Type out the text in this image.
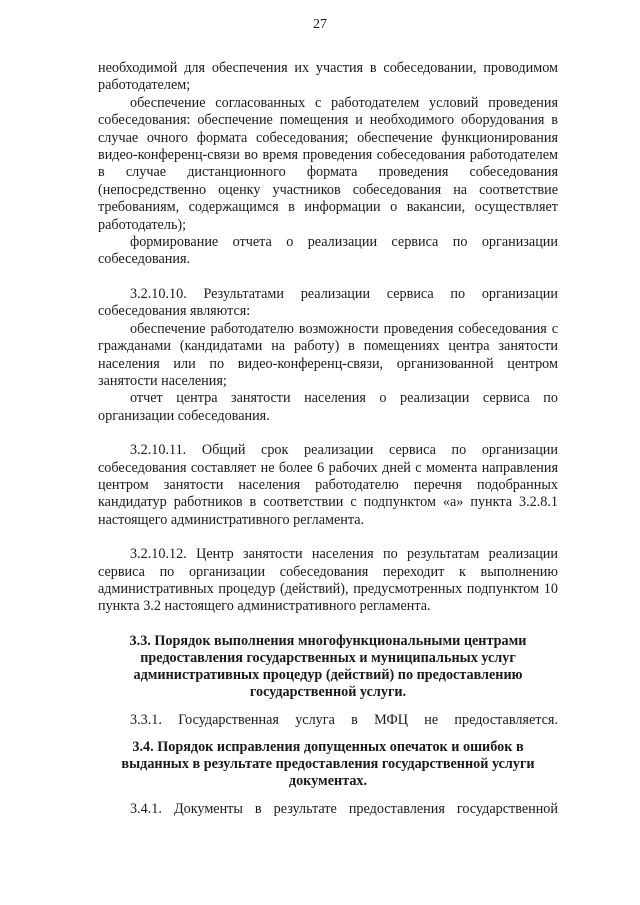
27

необходимой для обеспечения их участия в собеседовании, проводимом работодателем;

обеспечение согласованных с работодателем условий проведения собеседования: обеспечение помещения и необходимого оборудования в случае очного формата собеседования; обеспечение функционирования видео-конференц-связи во время проведения собеседования работодателем в случае дистанционного формата проведения собеседования (непосредственно оценку участников собеседования на соответствие требованиям, содержащимся в информации о вакансии, осуществляет работодатель);

формирование отчета о реализации сервиса по организации собеседования.

3.2.10.10. Результатами реализации сервиса по организации собеседования являются:

обеспечение работодателю возможности проведения собеседования с гражданами (кандидатами на работу) в помещениях центра занятости населения или по видео-конференц-связи, организованной центром занятости населения;

отчет центра занятости населения о реализации сервиса по организации собеседования.

3.2.10.11. Общий срок реализации сервиса по организации собеседования составляет не более 6 рабочих дней с момента направления центром занятости населения работодателю перечня подобранных кандидатур работников в соответствии с подпунктом «а» пункта 3.2.8.1 настоящего административного регламента.

3.2.10.12. Центр занятости населения по результатам реализации сервиса по организации собеседования переходит к выполнению административных процедур (действий), предусмотренных подпунктом 10 пункта 3.2 настоящего административного регламента.

3.3. Порядок выполнения многофункциональными центрами предоставления государственных и муниципальных услуг административных процедур (действий) по предоставлению государственной услуги.

3.3.1. Государственная услуга в МФЦ не предоставляется.

3.4. Порядок исправления допущенных опечаток и ошибок в выданных в результате предоставления государственной услуги документах.

3.4.1. Документы в результате предоставления государственной
